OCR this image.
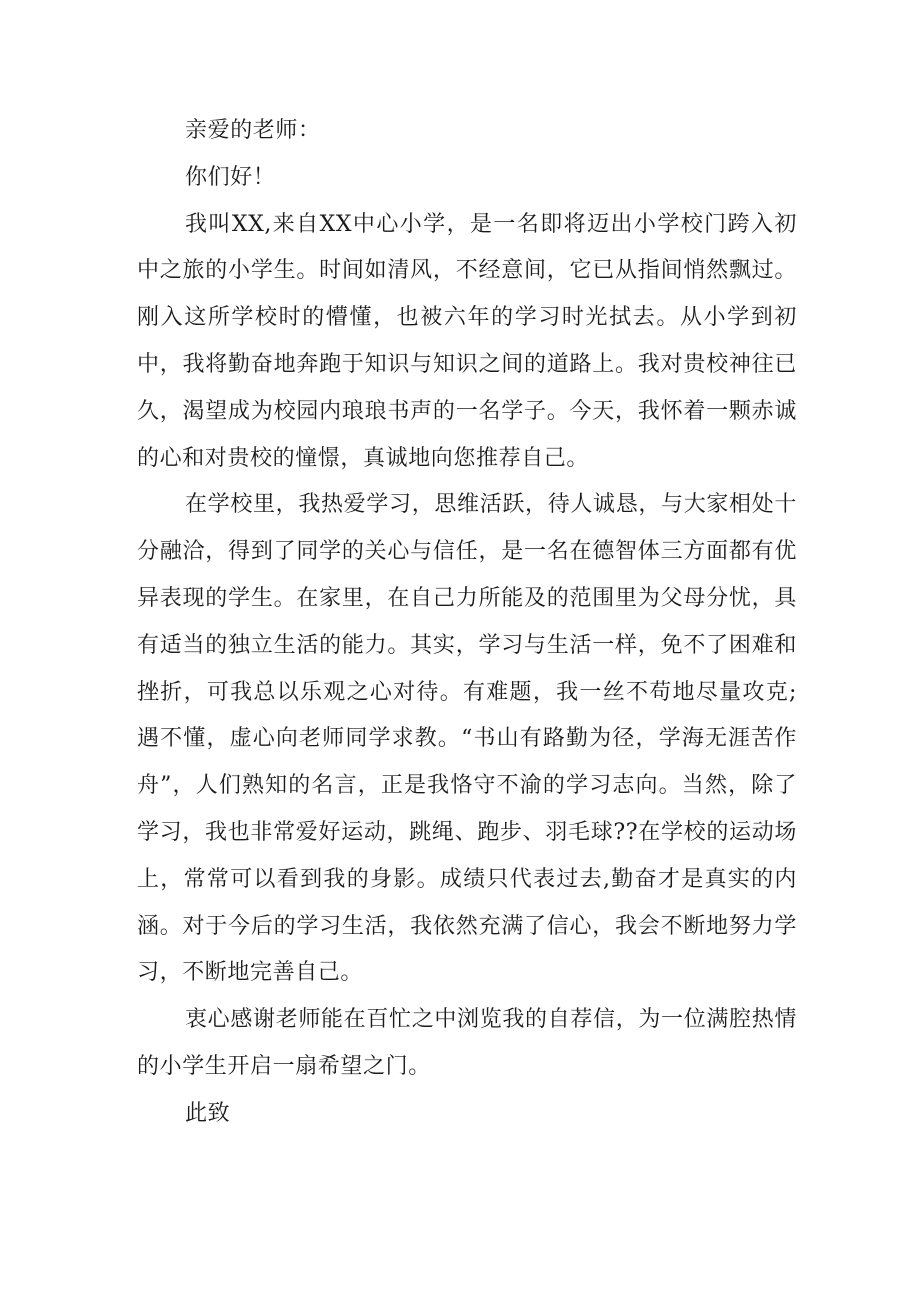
亲爱的老师：

你们好！

我叫XX,来自XX中心小学，是一名即将迈出小学校门跨入初中之旅的小学生。时间如清风，不经意间，它已从指间悄然飘过。刚入这所学校时的懵懂，也被六年的学习时光拭去。从小学到初中，我将勤奋地奔跑于知识与知识之间的道路上。我对贵校神往已久，渴望成为校园内琅琅书声的一名学子。今天，我怀着一颗赤诚的心和对贵校的憧憬，真诚地向您推荐自己。

在学校里，我热爱学习，思维活跃，待人诚恳，与大家相处十分融洽，得到了同学的关心与信任，是一名在德智体三方面都有优异表现的学生。在家里，在自己力所能及的范围里为父母分忧，具有适当的独立生活的能力。其实，学习与生活一样，免不了困难和挫折，可我总以乐观之心对待。有难题，我一丝不苟地尽量攻克;遇不懂，虚心向老师同学求教。“书山有路勤为径，学海无涯苦作舟”，人们熟知的名言，正是我恪守不渝的学习志向。当然，除了学习，我也非常爱好运动，跳绳、跑步、羽毛球??在学校的运动场上，常常可以看到我的身影。成绩只代表过去,勤奋才是真实的内涵。对于今后的学习生活，我依然充满了信心，我会不断地努力学习，不断地完善自己。

衷心感谢老师能在百忙之中浏览我的自荐信，为一位满腔热情的小学生开启一扇希望之门。

此致
